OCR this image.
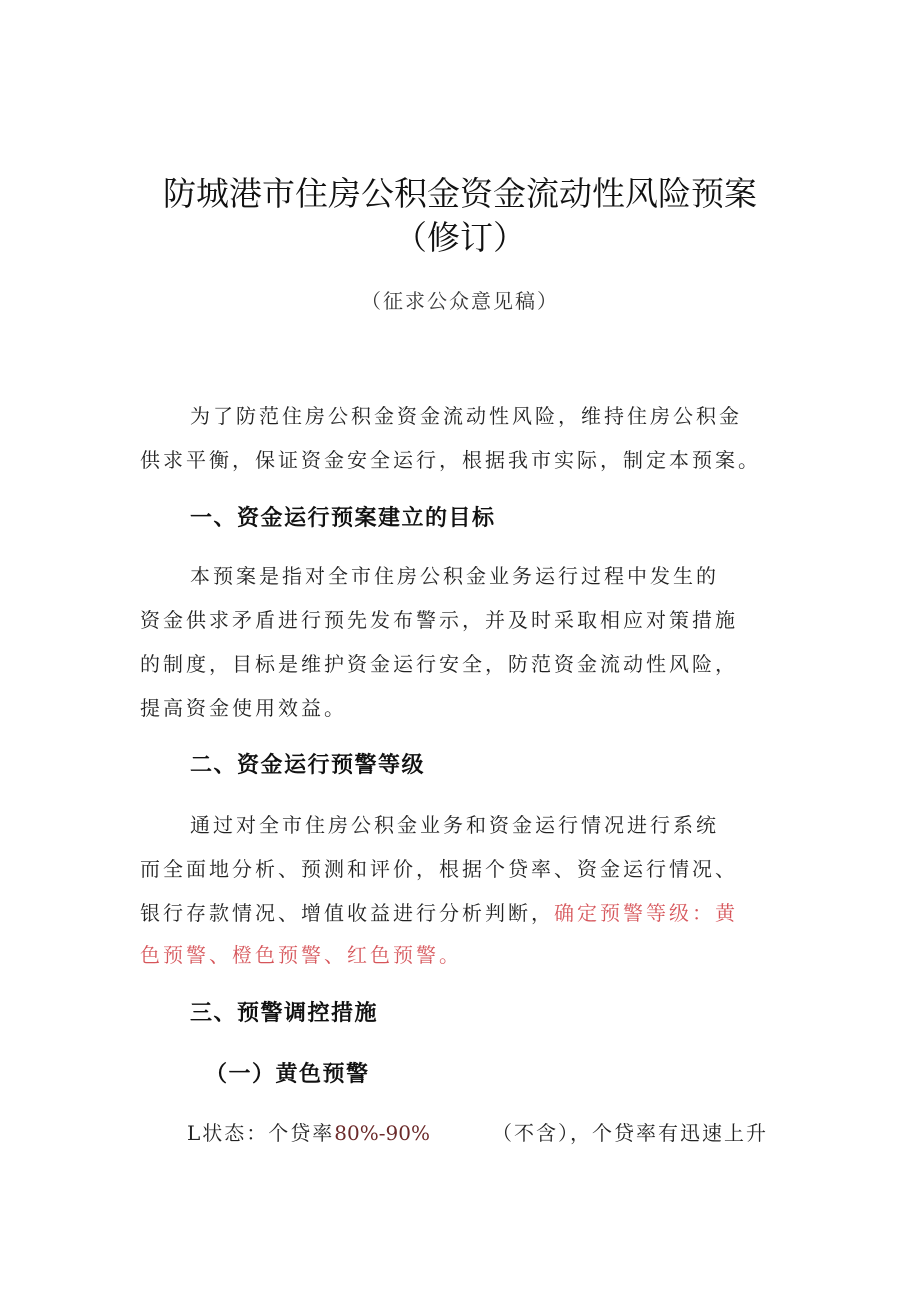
防城港市住房公积金资金流动性风险预案
（修订）
（征求公众意见稿）
为了防范住房公积金资金流动性风险，维持住房公积金
供求平衡，保证资金安全运行，根据我市实际，制定本预案。
一、资金运行预案建立的目标
本预案是指对全市住房公积金业务运行过程中发生的
资金供求矛盾进行预先发布警示，并及时采取相应对策措施
的制度，目标是维护资金运行安全，防范资金流动性风险，
提高资金使用效益。
二、资金运行预警等级
通过对全市住房公积金业务和资金运行情况进行系统
而全面地分析、预测和评价，根据个贷率、资金运行情况、
银行存款情况、增值收益进行分析判断，确定预警等级：黄
色预警、橙色预警、红色预警。
三、预警调控措施
（一）黄色预警
L状态：个贷率80%-90%	（不含），个贷率有迅速上升
